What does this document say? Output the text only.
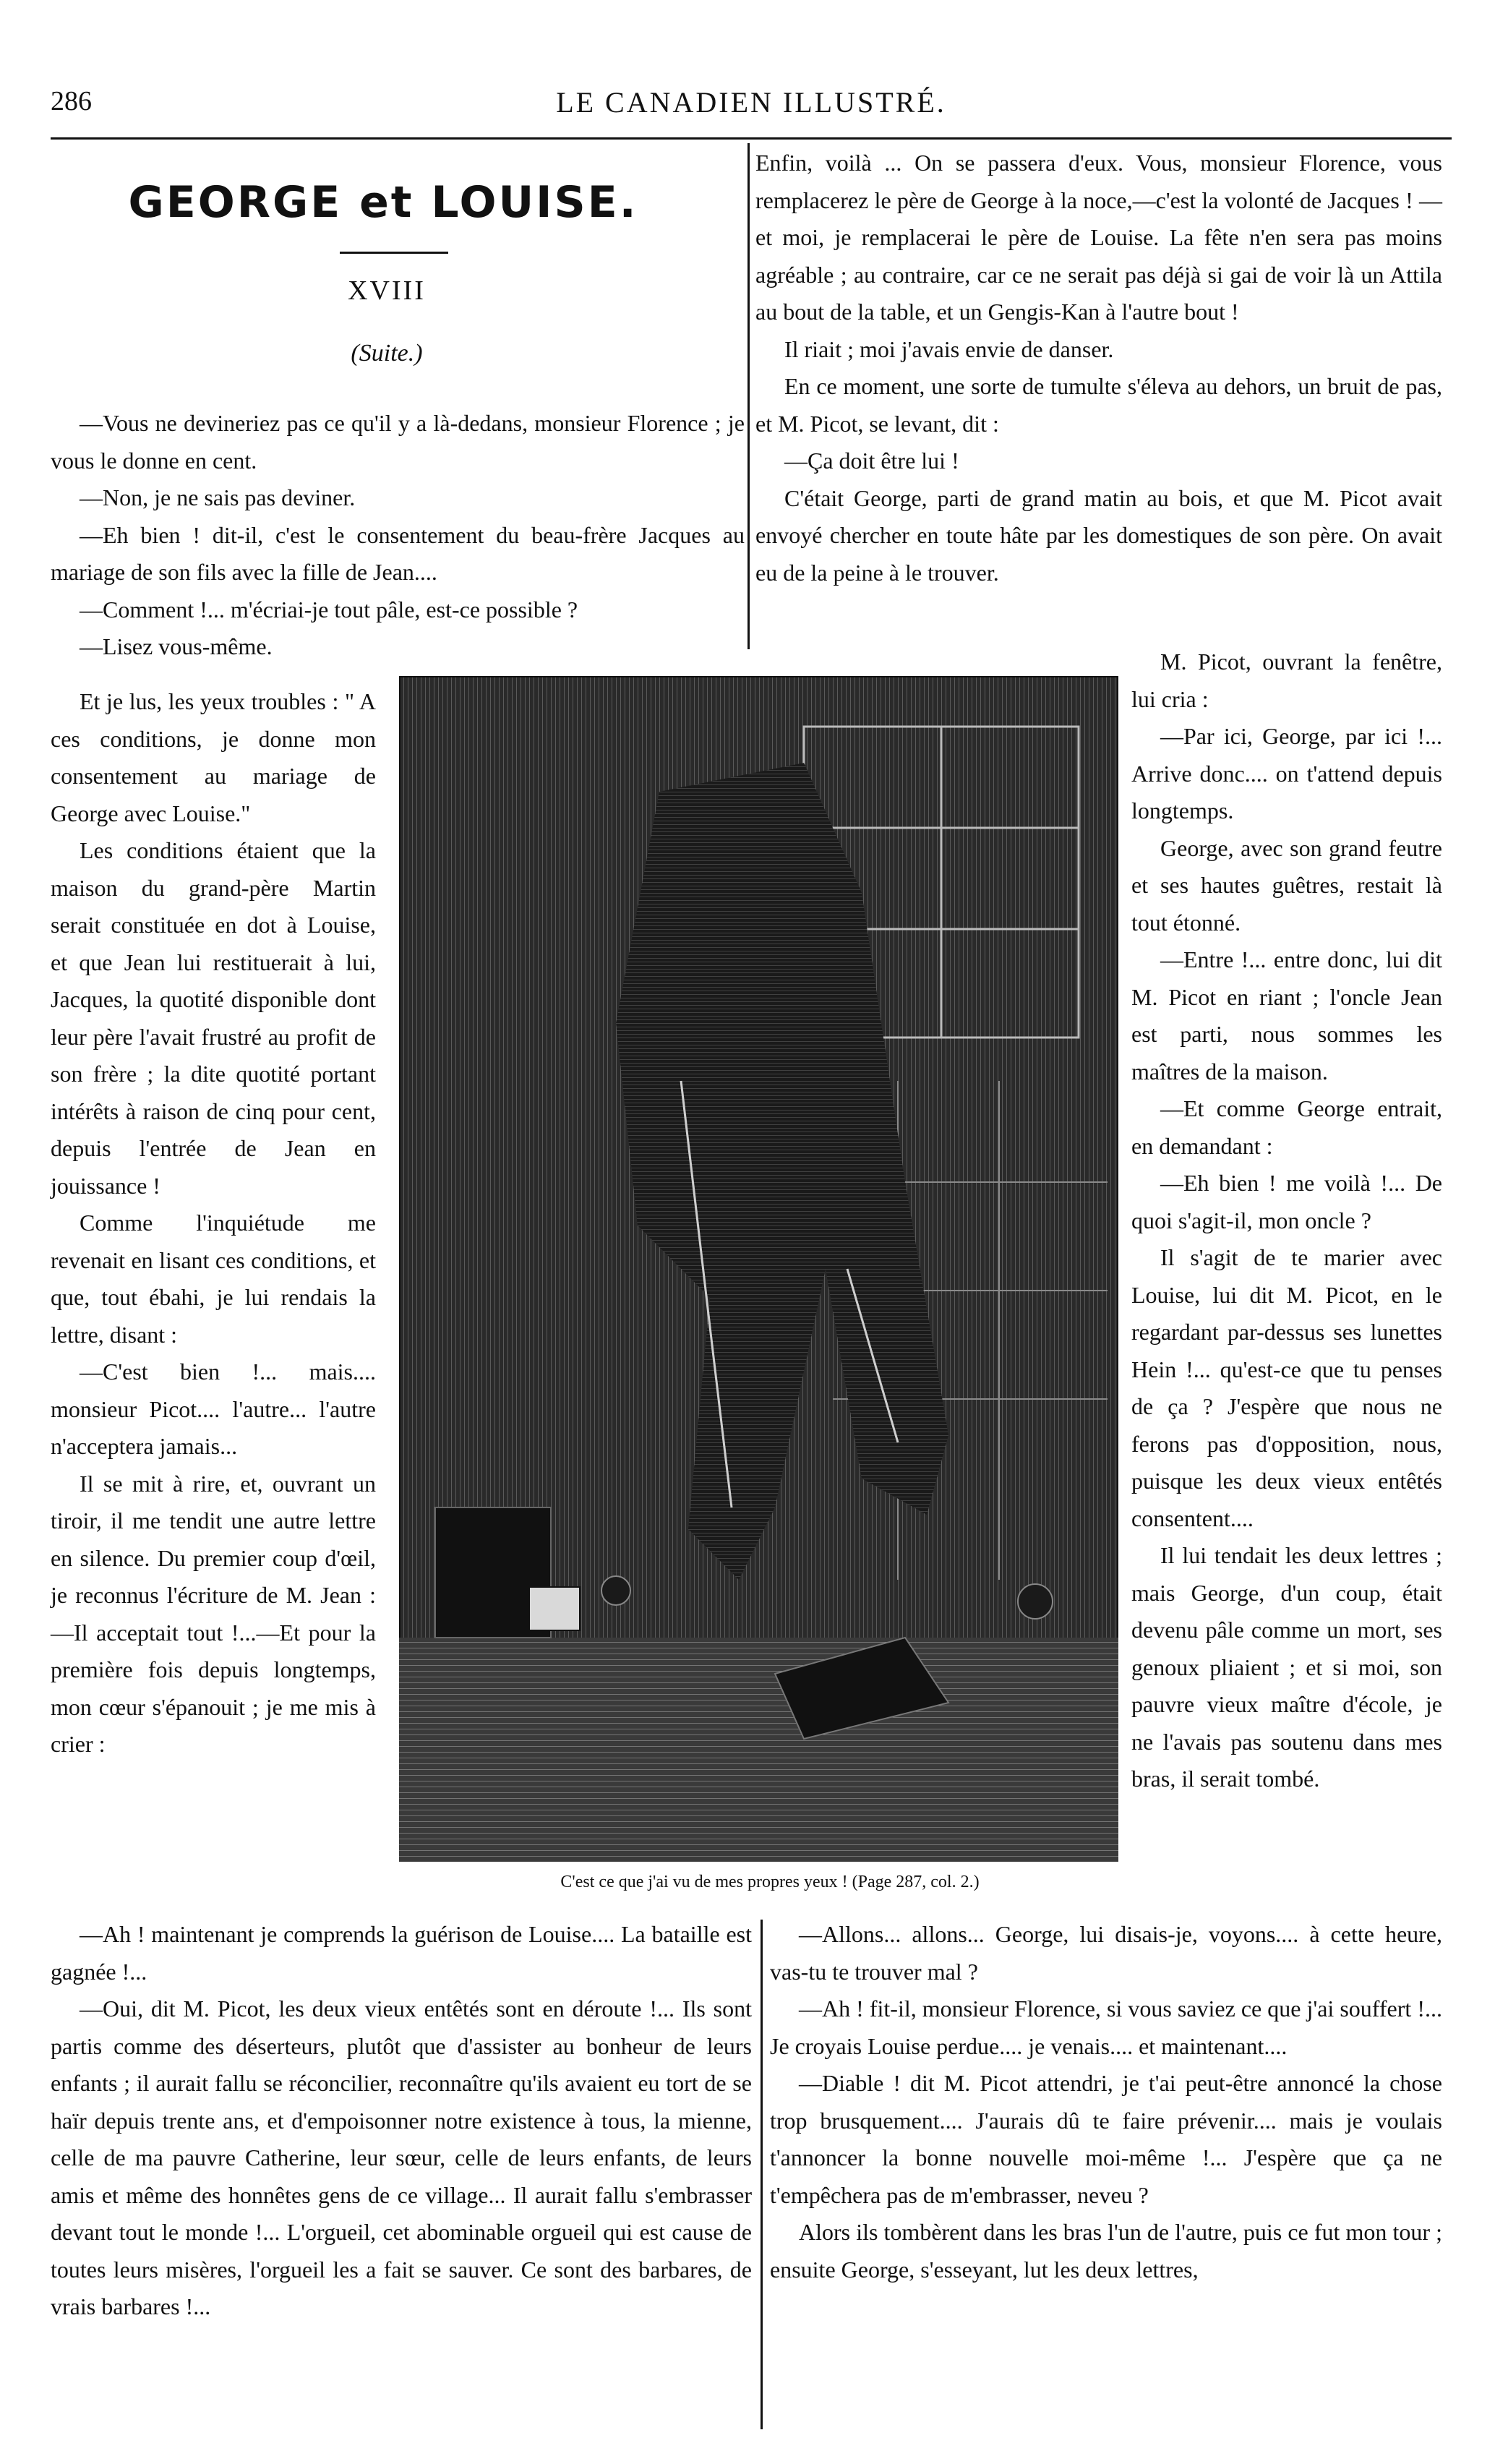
286	LE CANADIEN ILLUSTRÉ.
GEORGE et LOUISE.
XVIII
(Suite.)

—Vous ne devineriez pas ce qu'il y a là-dedans, monsieur Florence ; je vous le donne en cent.

—Non, je ne sais pas deviner.

—Eh bien ! dit-il, c'est le consentement du beau-frère Jacques au mariage de son fils avec la fille de Jean....

—Comment !... m'écriai-je tout pâle, est-ce possible ?

—Lisez vous-même.

Et je lus, les yeux troubles : " A ces conditions, je donne mon consentement au mariage de George avec Louise."

Les conditions étaient que la maison du grand-père Martin serait constituée en dot à Louise, et que Jean lui restituerait à lui, Jacques, la quotité disponible dont leur père l'avait frustré au profit de son frère ; la dite quotité portant intérêts à raison de cinq pour cent, depuis l'entrée de Jean en jouissance !

Comme l'inquiétude me revenait en lisant ces conditions, et que, tout ébahi, je lui rendais la lettre, disant :

—C'est bien !... mais.... monsieur Picot.... l'autre... l'autre n'acceptera jamais...

Il se mit à rire, et, ouvrant un tiroir, il me tendit une autre lettre en silence. Du premier coup d'œil, je reconnus l'écriture de M. Jean : —Il acceptait tout !...—Et pour la première fois depuis longtemps, mon cœur s'épanouit ; je me mis à crier :

Enfin, voilà ... On se passera d'eux. Vous, monsieur Florence, vous remplacerez le père de George à la noce,—c'est la volonté de Jacques ! — et moi, je remplacerai le père de Louise. La fête n'en sera pas moins agréable ; au contraire, car ce ne serait pas déjà si gai de voir là un Attila au bout de la table, et un Gengis-Kan à l'autre bout !

Il riait ; moi j'avais envie de danser.

En ce moment, une sorte de tumulte s'éleva au dehors, un bruit de pas, et M. Picot, se levant, dit :

—Ça doit être lui !

C'était George, parti de grand matin au bois, et que M. Picot avait envoyé chercher en toute hâte par les domestiques de son père. On avait eu de la peine à le trouver.

M. Picot, ouvrant la fenêtre, lui cria :

—Par ici, George, par ici !... Arrive donc.... on t'attend depuis longtemps.

George, avec son grand feutre et ses hautes guêtres, restait là tout étonné.

—Entre !... entre donc, lui dit M. Picot en riant ; l'oncle Jean est parti, nous sommes les maîtres de la maison.

—Et comme George entrait, en demandant :

—Eh bien ! me voilà !... De quoi s'agit-il, mon oncle ?

Il s'agit de te marier avec Louise, lui dit M. Picot, en le regardant par-dessus ses lunettes Hein !... qu'est-ce que tu penses de ça ? J'espère que nous ne ferons pas d'opposition, nous, puisque les deux vieux entêtés consentent....

Il lui tendait les deux lettres ; mais George, d'un coup, était devenu pâle comme un mort, ses genoux pliaient ; et si moi, son pauvre vieux maître d'école, je ne l'avais pas soutenu dans mes bras, il serait tombé.

C'est ce que j'ai vu de mes propres yeux ! (Page 287, col. 2.)

—Ah ! maintenant je comprends la guérison de Louise.... La bataille est gagnée !...

—Oui, dit M. Picot, les deux vieux entêtés sont en déroute !... Ils sont partis comme des déserteurs, plutôt que d'assister au bonheur de leurs enfants ; il aurait fallu se réconcilier, reconnaître qu'ils avaient eu tort de se haïr depuis trente ans, et d'empoisonner notre existence à tous, la mienne, celle de ma pauvre Catherine, leur sœur, celle de leurs enfants, de leurs amis et même des honnêtes gens de ce village... Il aurait fallu s'embrasser devant tout le monde !... L'orgueil, cet abominable orgueil qui est cause de toutes leurs misères, l'orgueil les a fait se sauver. Ce sont des barbares, de vrais barbares !...

—Allons... allons... George, lui disais-je, voyons.... à cette heure, vas-tu te trouver mal ?

—Ah ! fit-il, monsieur Florence, si vous saviez ce que j'ai souffert !... Je croyais Louise perdue.... je venais.... et maintenant....

—Diable ! dit M. Picot attendri, je t'ai peut-être annoncé la chose trop brusquement.... J'aurais dû te faire prévenir.... mais je voulais t'annoncer la bonne nouvelle moi-même !... J'espère que ça ne t'empêchera pas de m'embrasser, neveu ?

Alors ils tombèrent dans les bras l'un de l'autre, puis ce fut mon tour ; ensuite George, s'esseyant, lut les deux lettres,
